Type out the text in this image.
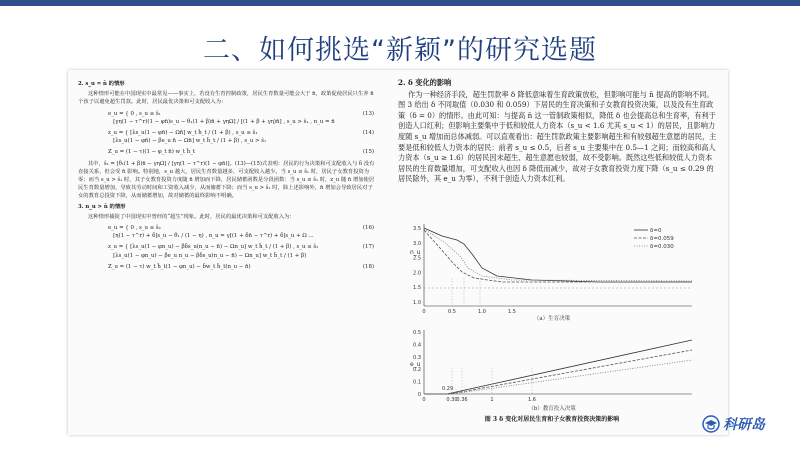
二、如何挑选“新颖”的研究选题
2. s_u = n̄ 的情形

这种情形可能在中国现实中最常见——事实上，若没有生育控制政策，居民生育数量可能会大于 n̄，政策促使居民只生养 n̄ 个孩子以避免超生罚款。此时，居民最优决策和可支配收入为：

e_u = { 0 , s_u ≤ ŝ₁
[γη(1 − τ^r)(1 − φn̄)s_u − θ₁(1 + β)n̄ + γηΩ] / [(1 + β + γη)n̄] , s_u > ŝ₁ , n_u = n̄
(13)
z_u = { [λs_u(1 − φn̄) − Ωn̄] w_t h̄_t / (1 + β) , s_u ≤ ŝ₁
[λs_u(1 − φn̄) − βe_u n̄ − Ωn̄] w_t h̄_t / (1 + β) , s_u > ŝ₁
(14)
Z_u = (1 − τ)(1 − φ_t n̄) w_t h̄_t	(15)

其中，ŝ₁ = [θ₁(1 + β)n̄ − γηΩ] / [γη(1 − τ^r)(1 − φn̄)]。(13)—(15)式表明：居民的行为决策和可支配收入与 δ 没有直接关系，但会受 n̄ 影响。特别地，s_u 越大，居民生育数量越多，可支配收入越少。当 s_u ≤ ŝ₁ 时，居民子女教育投资为零；而当 s_u > ŝ₁ 时，其子女教育投资力度随 n̄ 增加而下降，居民储蓄函数是分段函数：当 s_u ≤ ŝ₁ 时，z_u 随 n̄ 增加使居民生育数量增加，导致其劳动时间和工资收入减少，从而储蓄下降；而当 s_u > ŝ₁ 时，除上述影响外，n̄ 增加会导致居民对子女的教育总投资下降，从而储蓄增加，故对储蓄的最终影响不明确。

3. n_u > n̄ 的情形

这种情形捕捉了中国现实中曾经的“超生”现象。此时，居民的最优决策和可支配收入为：

e_u = { 0 , s_u ≤ ŝ₂
[η(1 − τ^r) + δ]s_u − θ₁ / (1 − η) , n_u = γ[(1 + δn̄ − τ^r) + δ]s_u + Ω ...
(16)
z_u = { [λs_u(1 − φn_u) − βδs_u(n_u − n̄) − Ωn_u] w_t h̄_t / (1 + β) , s_u ≤ ŝ₂
[λs_u(1 − φn_u) − βe_u n_u − βδs_u(n_u − n̄) − Ωn_u] w_t h̄_t / (1 + β)
(17)
Z_u = (1 − τ) w_t h̄_t(1 − φn_u) − δw_t h̄_t(n_u − n̄)	(18)
2. δ 变化的影响

作为一种经济手段，超生罚款率 δ 降低意味着生育政策放松，但影响可能与 n̄ 提高的影响不同。图 3 给出 δ 不同取值（0.030 和 0.059）下居民的生育决策和子女教育投资决策，以及没有生育政策（δ = 0）的情形。由此可知：与提高 n̄ 这一管制政策相似，降低 δ 也会提高总和生育率，有利于创造人口红利；但影响主要集中于低和较低人力资本（s_u < 1.6 尤其 s_u < 1）的居民，且影响力度随 s_u 增加而总体减弱。可以直观看出：超生罚款政策主要影响超生和有较强超生意愿的居民，主要是低和较低人力资本的居民：前者 s_u ≤ 0.5，后者 s_u 主要集中在 0.5—1 之间；而较高和高人力资本（s_u ≥ 1.6）的居民因未超生、超生意愿也较弱，故不受影响。既然这些低和较低人力资本居民的生育数量增加，可支配收入也因 δ 降低而减少，故对子女教育投资力度下降（s_u ≤ 0.29 的居民除外，其 e_u 为零），不利于创造人力资本红利。

3.5
3.0
2.5
2.0
1.5
1.0
n_u
0	0.5	1.0	1.5
δ=0
δ=0.059
δ=0.030
（a）生育决策
0.5
0.4
0.3
0.2
0.1
0
e_u
0.29
0	0.30
0.36	1	1.6
（b）教育投入决策
图 3 δ 变化对居民生育和子女教育投资决策的影响	科研岛
